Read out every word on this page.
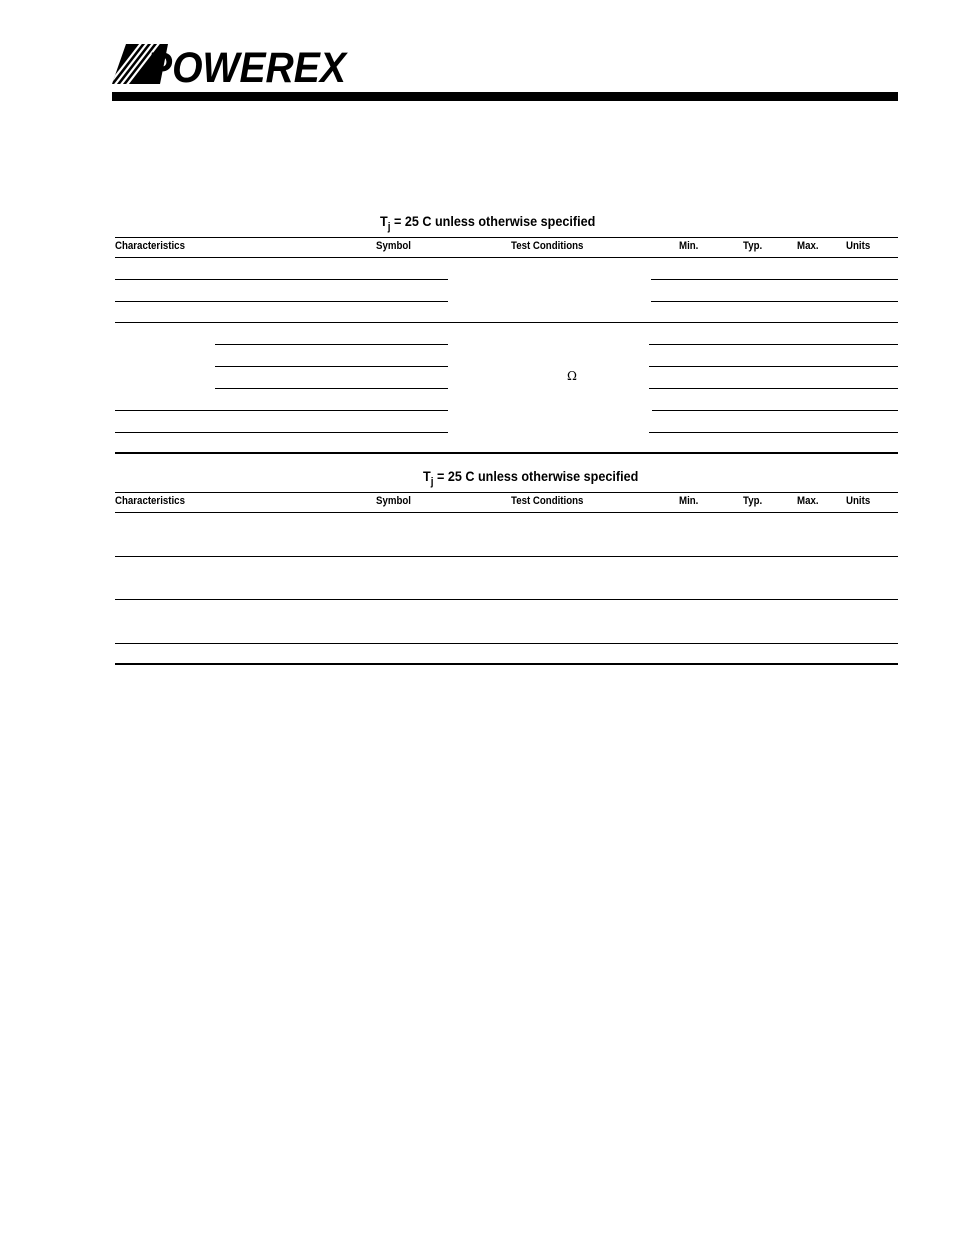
POWEREX
$T_j = 25$ C unless otherwise specified
Characteristics	Symbol	Test Conditions	Min.	Typ.	Max. Units
Ω
$T_j = 25$ C unless otherwise specified
Characteristics	Symbol	Test Conditions	Min.	Typ.	Max. Units
